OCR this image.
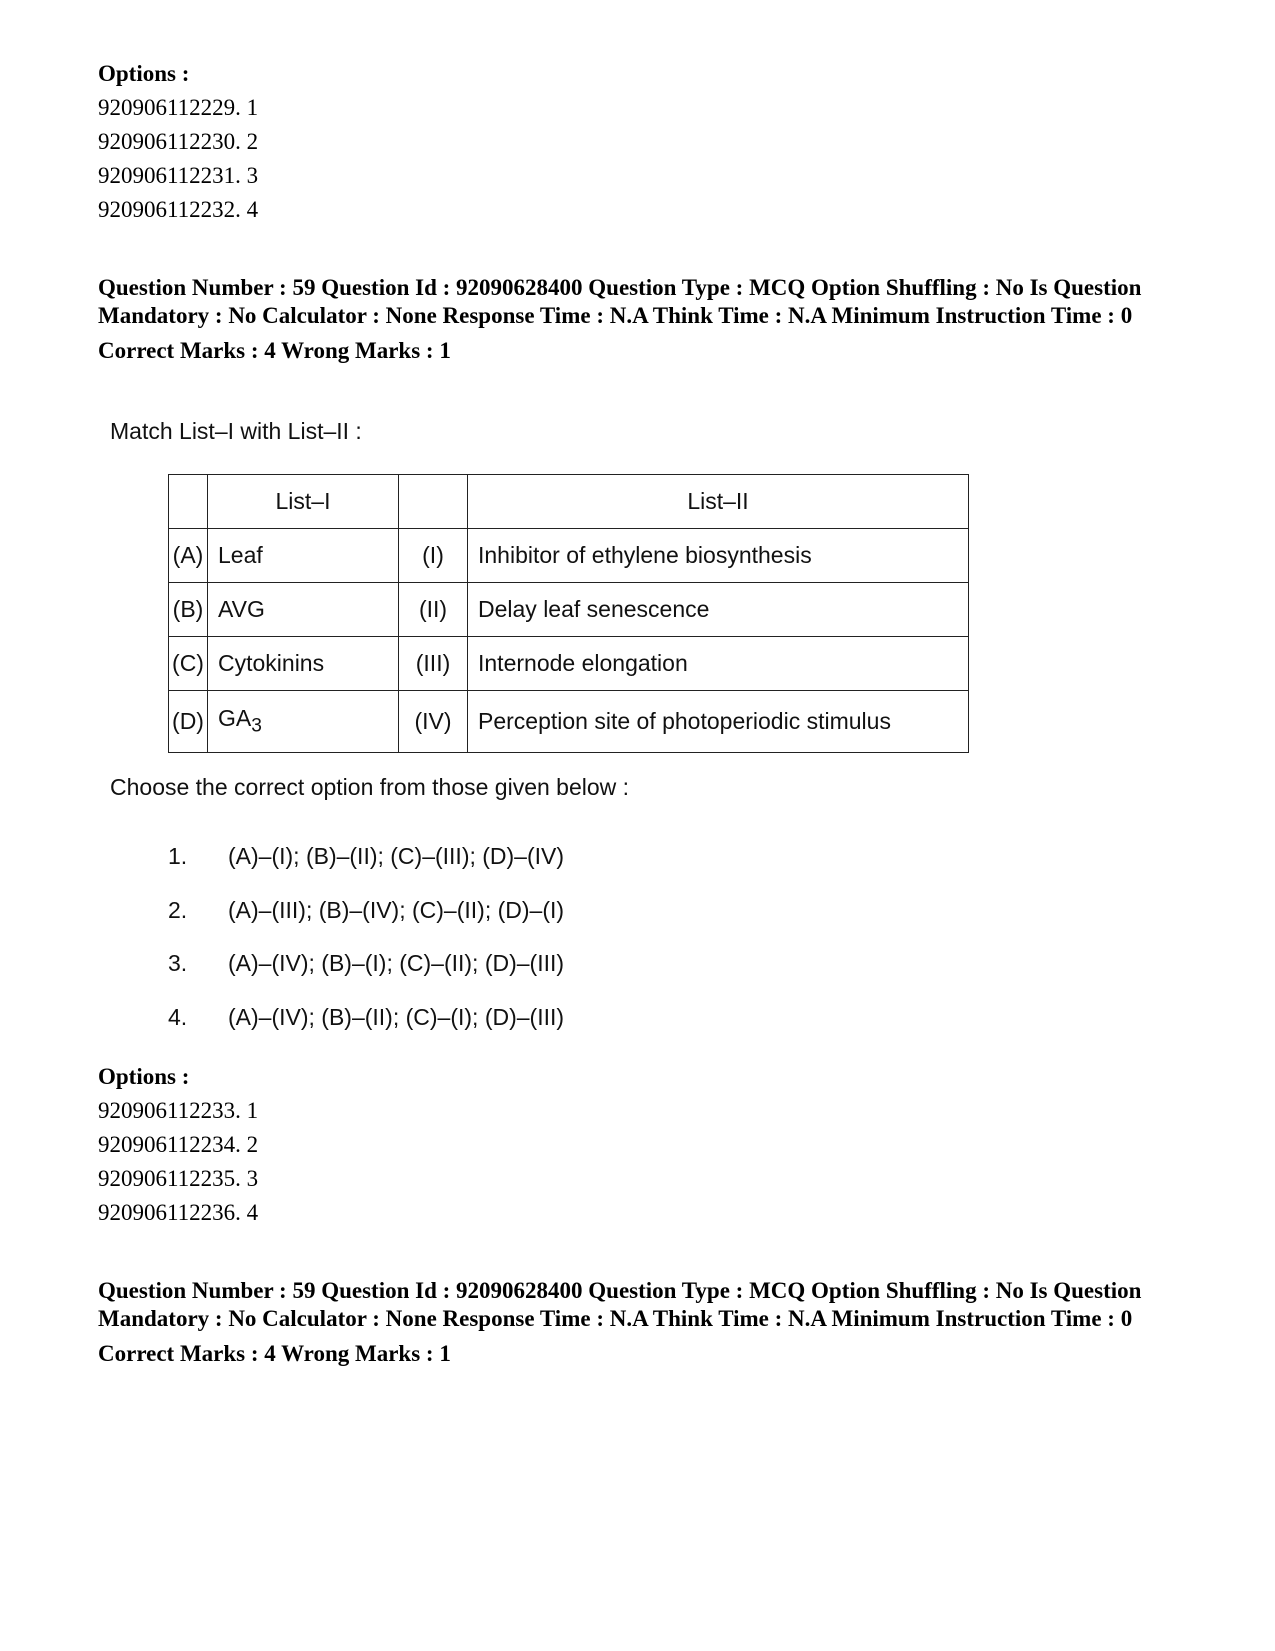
Options :
920906112229. 1
920906112230. 2
920906112231. 3
920906112232. 4
Question Number : 59 Question Id : 92090628400 Question Type : MCQ Option Shuffling : No Is Question Mandatory : No Calculator : None Response Time : N.A Think Time : N.A Minimum Instruction Time : 0
Correct Marks : 4 Wrong Marks : 1
Match List–I with List–II :
	List–I		List–II
(A)	Leaf	(I)	Inhibitor of ethylene biosynthesis
(B)	AVG	(II)	Delay leaf senescence
(C)	Cytokinins	(III)	Internode elongation
(D)	$GA_3$	(IV)	Perception site of photoperiodic stimulus
Choose the correct option from those given below :
1.	(A)–(I); (B)–(II); (C)–(III); (D)–(IV)
2.	(A)–(III); (B)–(IV); (C)–(II); (D)–(I)
3.	(A)–(IV); (B)–(I); (C)–(II); (D)–(III)
4.	(A)–(IV); (B)–(II); (C)–(I); (D)–(III)
Options :
920906112233. 1
920906112234. 2
920906112235. 3
920906112236. 4
Question Number : 59 Question Id : 92090628400 Question Type : MCQ Option Shuffling : No Is Question Mandatory : No Calculator : None Response Time : N.A Think Time : N.A Minimum Instruction Time : 0
Correct Marks : 4 Wrong Marks : 1
